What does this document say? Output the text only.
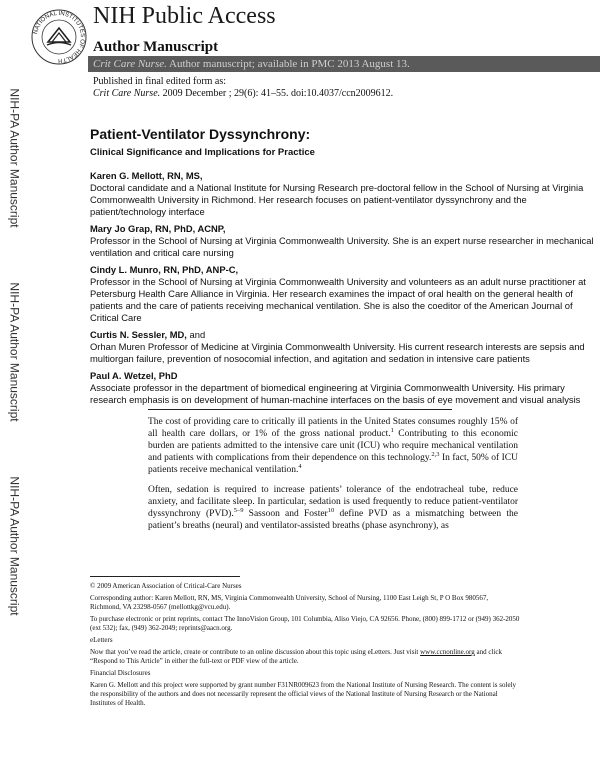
NATIONAL INSTITUTES OF HEALTH
NIH Public Access
Author Manuscript
Crit Care Nurse. Author manuscript; available in PMC 2013 August 13.
Published in final edited form as:
Crit Care Nurse. 2009 December ; 29(6): 41–55. doi:10.4037/ccn2009612.
NIH-PA Author Manuscript
NIH-PA Author Manuscript
NIH-PA Author Manuscript
Patient-Ventilator Dyssynchrony:
Clinical Significance and Implications for Practice
Karen G. Mellott, RN, MS,
Doctoral candidate and a National Institute for Nursing Research pre-doctoral fellow in the School of Nursing at Virginia Commonwealth University in Richmond. Her research focuses on patient-ventilator dyssynchrony and the patient/technology interface
Mary Jo Grap, RN, PhD, ACNP,
Professor in the School of Nursing at Virginia Commonwealth University. She is an expert nurse researcher in mechanical ventilation and critical care nursing
Cindy L. Munro, RN, PhD, ANP-C,
Professor in the School of Nursing at Virginia Commonwealth University and volunteers as an adult nurse practitioner at Petersburg Health Care Alliance in Virginia. Her research examines the impact of oral health on the general health of patients and the care of patients receiving mechanical ventilation. She is also the coeditor of the American Journal of Critical Care
Curtis N. Sessler, MD, and
Orhan Muren Professor of Medicine at Virginia Commonwealth University. His current research interests are sepsis and multiorgan failure, prevention of nosocomial infection, and agitation and sedation in intensive care patients
Paul A. Wetzel, PhD
Associate professor in the department of biomedical engineering at Virginia Commonwealth University. His primary research emphasis is on development of human-machine interfaces on the basis of eye movement and visual analysis

The cost of providing care to critically ill patients in the United States consumes roughly 15% of all health care dollars, or 1% of the gross national product.$^1$ Contributing to this economic burden are patients admitted to the intensive care unit (ICU) who require mechanical ventilation and patients with complications from their dependence on this technology.$^{2,3}$ In fact, 50% of ICU patients receive mechanical ventilation.$^4$

Often, sedation is required to increase patients’ tolerance of the endotracheal tube, reduce anxiety, and facilitate sleep. In particular, sedation is used frequently to reduce patient-ventilator dyssynchrony (PVD).$^{5-9}$ Sassoon and Foster$^{10}$ define PVD as a mismatching between the patient’s breaths (neural) and ventilator-assisted breaths (phase asynchrony), as

© 2009 American Association of Critical-Care Nurses
Corresponding author: Karen Mellott, RN, MS, Virginia Commonwealth University, School of Nursing, 1100 East Leigh St, P O Box 980567, Richmond, VA 23298-0567 (mellottkg@vcu.edu).
To purchase electronic or print reprints, contact The InnoVision Group, 101 Columbia, Aliso Viejo, CA 92656. Phone, (800) 899-1712 or (949) 362-2050 (ext 532); fax, (949) 362-2049; reprints@aacn.org.
eLetters
Now that you’ve read the article, create or contribute to an online discussion about this topic using eLetters. Just visit www.ccnonline.org and click “Respond to This Article” in either the full-text or PDF view of the article.
Financial Disclosures
Karen G. Mellott and this project were supported by grant number F31NR009623 from the National Institute of Nursing Research. The content is solely the responsibility of the authors and does not necessarily represent the official views of the National Institute of Nursing Research or the National Institutes of Health.
